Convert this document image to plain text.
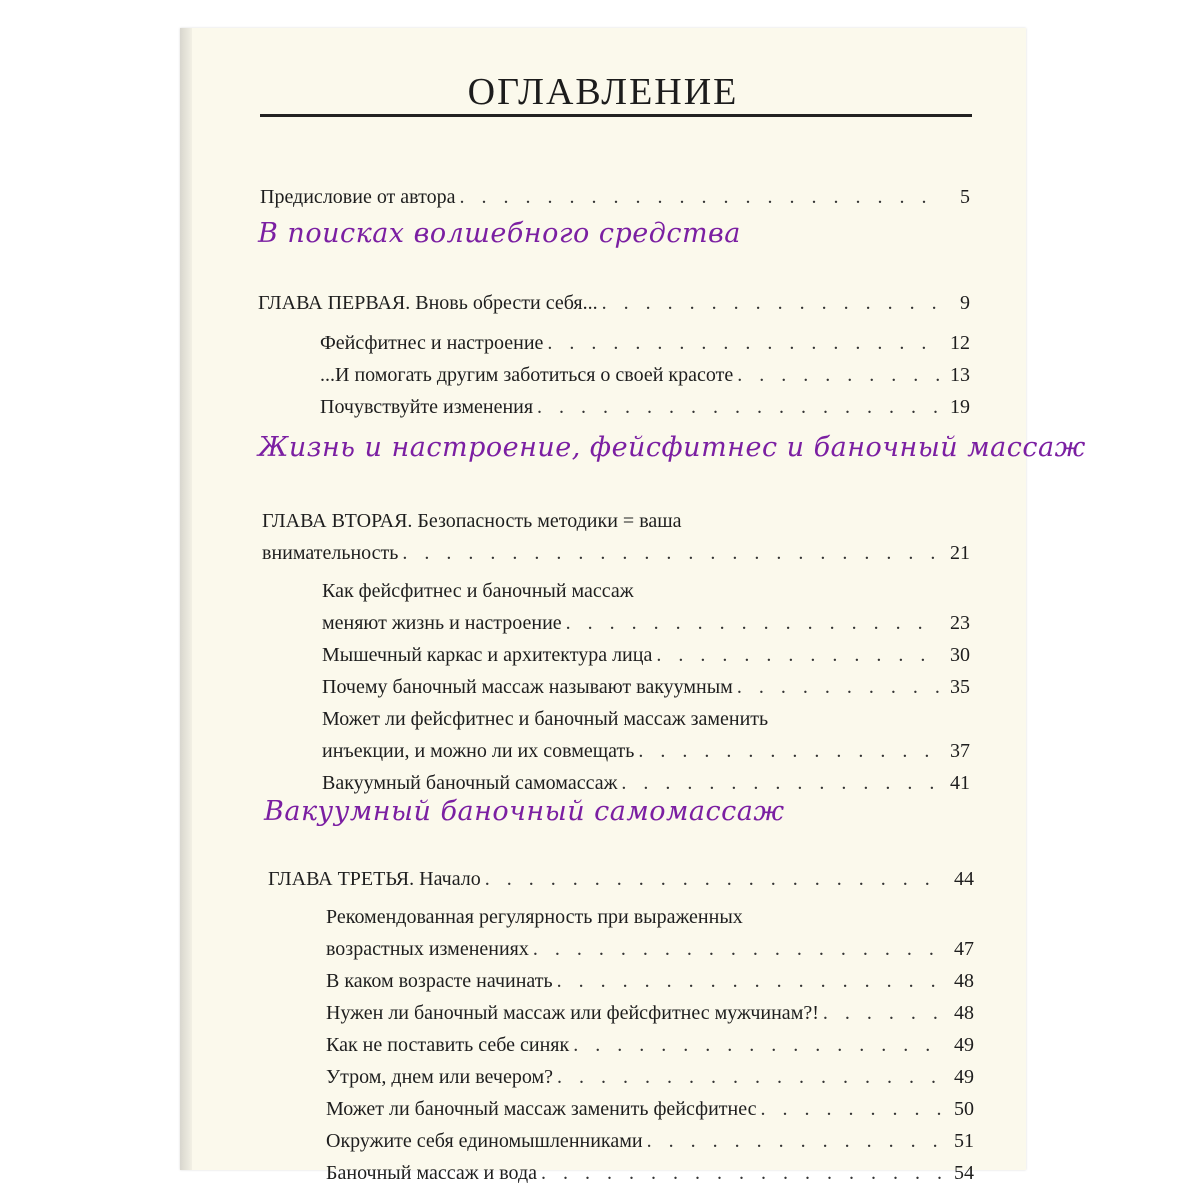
ОГЛАВЛЕНИЕ
Предисловие от автора . . .	5
В поисках волшебного средства
ГЛАВА ПЕРВАЯ. Вновь обрести себя... . . .	9
Фейсфитнес и настроение . . .	12
...И помогать другим заботиться о своей красоте . . .	13
Почувствуйте изменения . . .	19
Жизнь и настроение, фейсфитнес и баночный массаж
ГЛАВА ВТОРАЯ. Безопасность методики = ваша
внимательность . . .	21
Как фейсфитнес и баночный массаж
меняют жизнь и настроение . . .	23
Мышечный каркас и архитектура лица . . .	30
Почему баночный массаж называют вакуумным . . .	35
Может ли фейсфитнес и баночный массаж заменить
инъекции, и можно ли их совмещать . . .	37
Вакуумный баночный самомассаж . . .	41
Вакуумный баночный самомассаж
ГЛАВА ТРЕТЬЯ. Начало . . .	44
Рекомендованная регулярность при выраженных
возрастных изменениях . . .	47
В каком возрасте начинать . . .	48
Нужен ли баночный массаж или фейсфитнес мужчинам?! . . .	48
Как не поставить себе синяк . . .	49
Утром, днем или вечером? . . .	49
Может ли баночный массаж заменить фейсфитнес . . .	50
Окружите себя единомышленниками . . .	51
Баночный массаж и вода . . .	54
